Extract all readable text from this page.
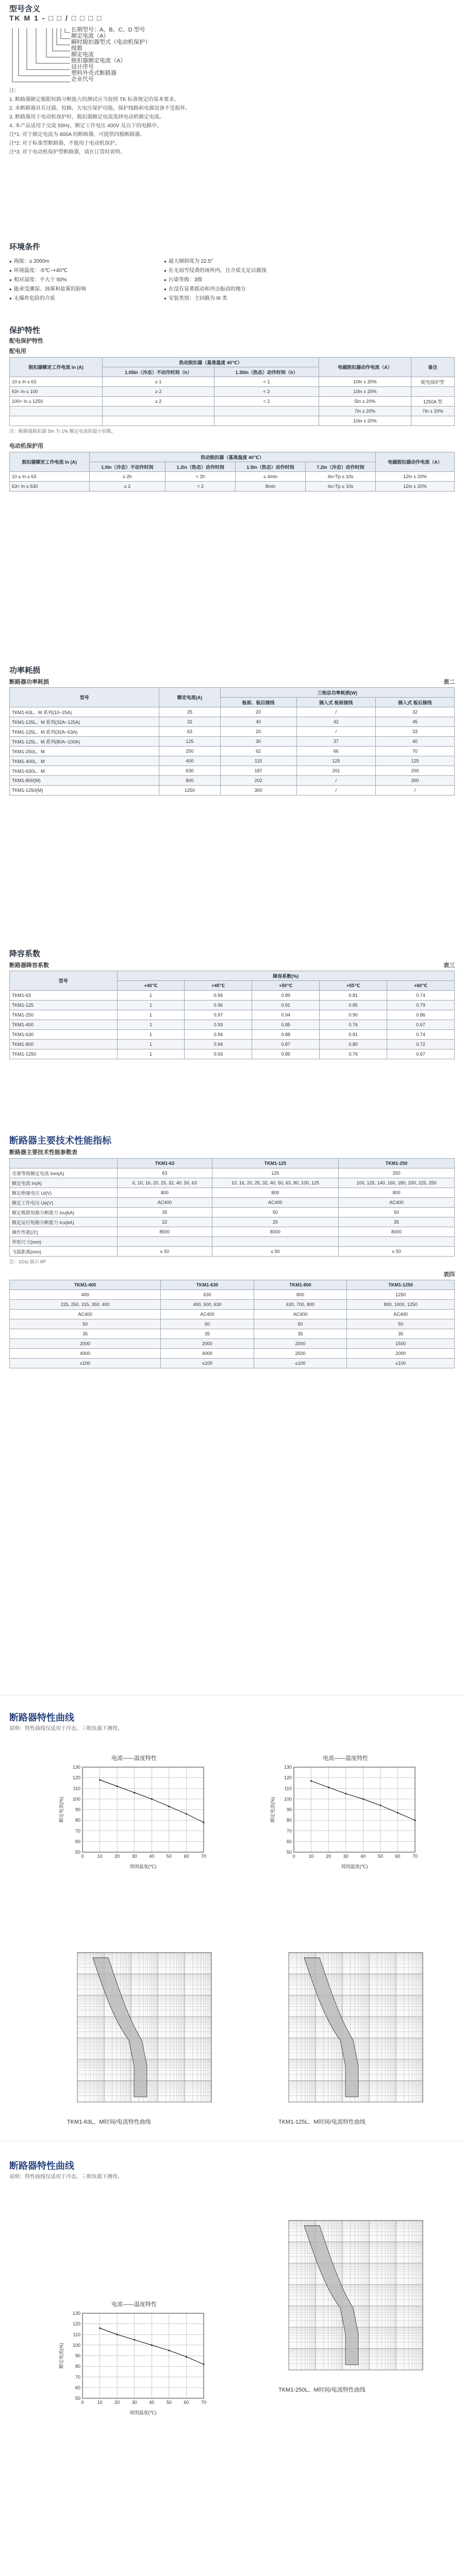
型号含义
TK M 1 - □ □ / □ □ □ □
长期型号：A、B、C、D 型号
额定电流（A）
瞬时脱扣器型式（电动机保护）
级数
额定电流
脱扣器额定电流（A）
设计序号
塑料外壳式断路器
企业代号

注：

1. 断路器额定极限短路分断能力的测试应当按照 TK 标准规定的基本要求。

2. 本断路器具有过载、短路、欠电压保护功能，保护线路和电源设备不受损坏。

3. 断路器用于电动机保护时，脱扣器额定电流选择电动机额定电流。

4. 本产品适用于交流 50Hz，额定工作电压 400V 及以下的电路中。

注*1: 对于额定电流为 800A 的断路器，可提供四极断路器。

注*2: 对于标准型断路器，不能用于电动机保护。

注*3: 对于电动机保护型断路器，请在订货时说明。

环境条件
● 海拔：≤ 2000m
● 环境温度：-5℃~+40℃
● 相对湿度：不大于 50%
● 能承受潮湿、油雾和盐雾的影响
● 无爆炸危险的介质
● 最大倾斜度为 22.5°
● 在无雨雪侵袭的场所内，且介质无足以腐蚀
● 污染等级：3级
● 在没有显著摇动和冲击振动的地方
● 安装类别：主回路为 III 类
保护特性
配电保护特性
配电用
脱扣器额定工作电流 In (A)	热动脱扣器（基准温度 40℃）		电磁脱扣器动作电流（A）	备注
	1.05In（冷态）不动作时间（h）	1.30In（热态）动作时间（h）		
10 ≤ In ≤ 63	≥ 1	< 1	10In ± 20%	配电保护型
63< In ≤ 100	≥ 2	< 2	10In ± 20%	
100< In ≤ 1250	≥ 2	< 2	5In ± 20%	1250A 型
			7In ± 20%	7In ± 20%
			10In ± 20%	
注：断路器脱扣器 5In 为 1% 额定电流的最小倍数。
电动机保护用
脱扣器额定工作电流 In (A)	热动脱扣器（基准温度 40℃）				电磁脱扣器动作电流（A）
	1.0In（冷态）不动作时间	1.2In（热态）动作时间	1.5In（热态）动作时间	7.2In（冷态）动作时间	
10 ≤ In ≤ 63	≥ 2h	< 2h	≤ 4min	4s<Tp ≤ 10s	12In ± 20%
63< In ≤ 630	≥ 2	< 2	8min	4s<Tp ≤ 10s	12In ± 20%
功率耗损
断路器功率耗损	表二
型号	额定电流(A)	三相总功率耗损(W)		
		板前、板后接线	插入式 板前接线	插入式 板后接线
TKM1-63L、M 系列(10~25A)	25	20	/	32
TKM1-125L、M 系列(32A~125A)	32	40	42	45
TKM1-125L、M 系列(32A~63A)	63	20	/	33
TKM1-125L、M 系列(80A~100A)	125	30	37	40
TKM1-250L、M	250	62	66	70
TKM1-400L、M	400	115	125	125
TKM1-630L、M	630	187	201	200
TKM1-800(M)	800	202	/	300
TKM1-1250(M)	1250	300	/	/
降容系数
断路器降容系数	表三
型号	降容系数(%)				
	+40℃	+45℃	+50℃	+55℃	+60℃
TKM1-63	1	0.94	0.89	0.81	0.74
TKM1-125	1	0.96	0.91	0.85	0.79
TKM1-250	1	0.97	0.94	0.90	0.86
TKM1-400	1	0.93	0.85	0.76	0.67
TKM1-630	1	0.94	0.88	0.81	0.74
TKM1-800	1	0.94	0.87	0.80	0.72
TKM1-1250	1	0.93	0.85	0.76	0.67
断路器主要技术性能指标
断路器主要技术性能参数表
	TKM1-63	TKM1-125	TKM1-250
壳架等级额定电流 Inm(A)	63	125	250
额定电流 In(A)	6, 10, 16, 20, 25, 32, 40, 50, 63	10, 16, 20, 25, 32, 40, 50, 63, 80, 100, 125	100, 125, 140, 160, 180, 200, 225, 250
额定绝缘电压 Ui(V)	800	800	800
额定工作电压 Ue(V)	AC400	AC400	AC400
额定极限短路分断能力 Icu(kA)	35	50	50
额定运行短路分断能力 Ics(kA)	22	25	35
操作性能(次)	8500	8000	8000
外形尺寸(mm)			
飞弧距离(mm)	≤ 50	≤ 50	≤ 50
注：1Cs) 展示 6P
表四
TKM1-400	TKM1-630	TKM1-800	TKM1-1250
400	630	800	1250
225, 250, 315, 350, 400	400, 500, 630	630, 700, 800	800, 1000, 1250
AC400	AC400	AC400	AC400
50	50	50	50
35	35	35	35
2000	2000	2000	1500
4000	4000	2500	2000
≤100	≤100	≤100	≤100
断路器特性曲线
说明：特性曲线仅适用于冷态，三相负载下测得。
电流——温度特性
0	10	20	30	40	50	60	70
50
60
70
80
90
100
110
120
130
周围温度(℃)
额定电流(%)
电流——温度特性
0	10	20	30	40	50	60	70
50
60
70
80
90
100
110
120
130
周围温度(℃)
额定电流(%)
TKM1-63L、M时间/电流特性曲线	TKM1-125L、M时间/电流特性曲线
断路器特性曲线
说明：特性曲线仅适用于冷态，三相负载下测得。
电流——温度特性
0	10	20	30	40	50	60	70
50
60
70
80
90
100
110
120
130
周围温度(℃)
额定电流(%)
TKM1-250L、M时间/电流特性曲线
